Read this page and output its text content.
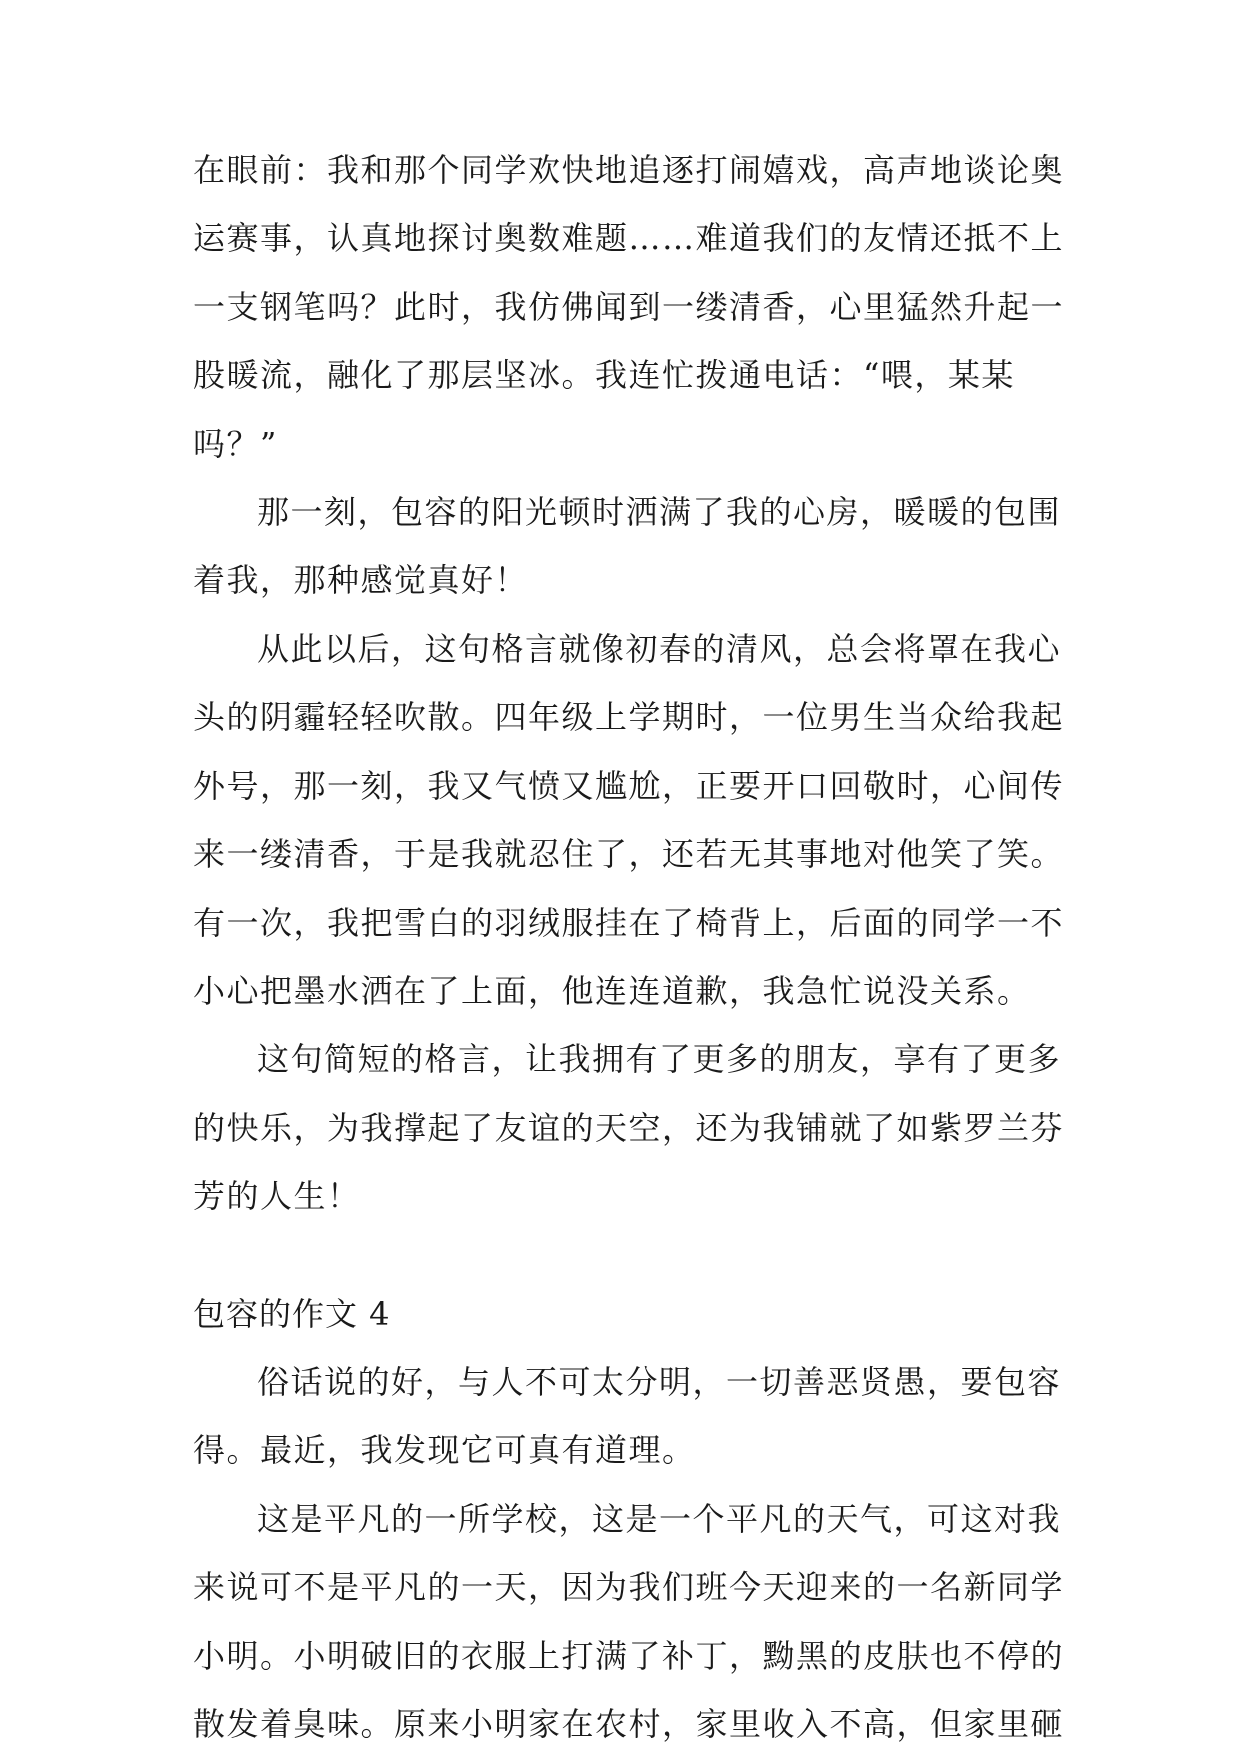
在眼前：我和那个同学欢快地追逐打闹嬉戏，高声地谈论奥
运赛事，认真地探讨奥数难题……难道我们的友情还抵不上
一支钢笔吗？此时，我仿佛闻到一缕清香，心里猛然升起一
股暖流，融化了那层坚冰。我连忙拨通电话：“喂，某某
吗？”
那一刻，包容的阳光顿时洒满了我的心房，暖暖的包围
着我，那种感觉真好！
从此以后，这句格言就像初春的清风，总会将罩在我心
头的阴霾轻轻吹散。四年级上学期时，一位男生当众给我起
外号，那一刻，我又气愤又尴尬，正要开口回敬时，心间传
来一缕清香，于是我就忍住了，还若无其事地对他笑了笑。
有一次，我把雪白的羽绒服挂在了椅背上，后面的同学一不
小心把墨水洒在了上面，他连连道歉，我急忙说没关系。
这句简短的格言，让我拥有了更多的朋友，享有了更多
的快乐，为我撑起了友谊的天空，还为我铺就了如紫罗兰芬
芳的人生！
包容的作文 4
俗话说的好，与人不可太分明，一切善恶贤愚，要包容
得。最近，我发现它可真有道理。
这是平凡的一所学校，这是一个平凡的天气，可这对我
来说可不是平凡的一天，因为我们班今天迎来的一名新同学
小明。小明破旧的衣服上打满了补丁，黝黑的皮肤也不停的
散发着臭味。原来小明家在农村，家里收入不高，但家里砸
